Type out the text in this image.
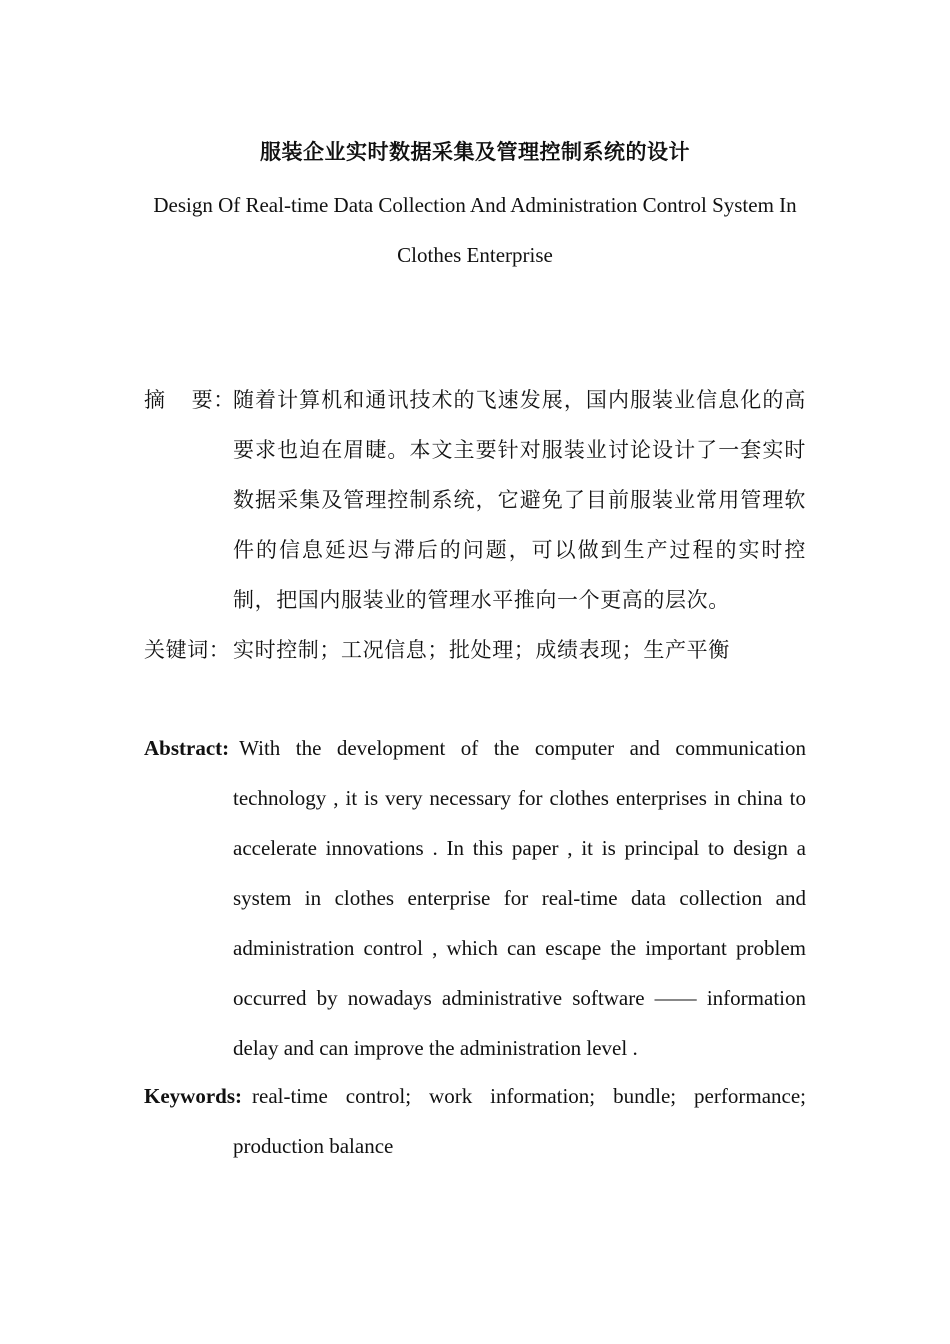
服装企业实时数据采集及管理控制系统的设计
Design Of Real-time Data Collection And Administration Control System In Clothes Enterprise
摘 要：
随着计算机和通讯技术的飞速发展，国内服装业信息化的高要求也迫在眉睫。本文主要针对服装业讨论设计了一套实时数据采集及管理控制系统，它避免了目前服装业常用管理软件的信息延迟与滞后的问题，可以做到生产过程的实时控制，把国内服装业的管理水平推向一个更高的层次。
关键词： 实时控制；工况信息；批处理；成绩表现；生产平衡
Abstract: With the development of the computer and communication technology , it is very necessary for clothes enterprises in china to accelerate innovations . In this paper , it is principal to design a system in clothes enterprise for real-time data collection and administration control , which can escape the important problem occurred by nowadays administrative software —— information delay and can improve the administration level .
Keywords: real-time control; work information; bundle; performance; production balance
